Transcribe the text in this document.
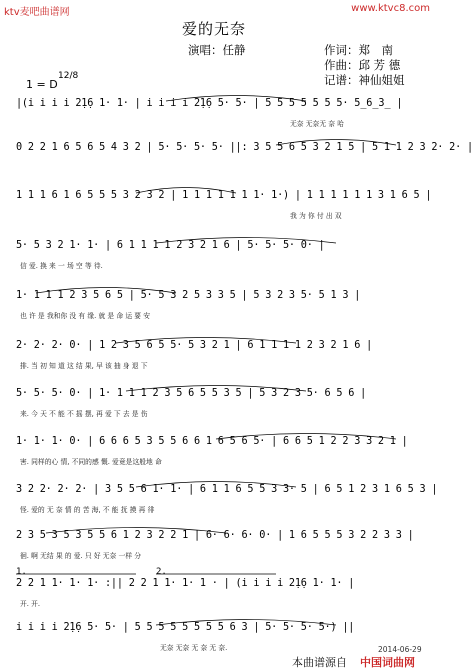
ktv麦吧曲谱网	www.ktvc8.com
爱的无奈
演唱：任静	作词：郑　南
作曲：邱 芳 德
记谱：神仙姐姐
1 = D
12/8
|(i i i i 2̣1̣6 1· 1· | i i i i 2̣1̣6 5· 5· | 5 5 5 5 5 5 5· 5̲6̲3̲ |
无奈 无奈无 奈 哈
0 2 2 1 6 5 6 5 4 3 2 | 5· 5· 5· 5· ||: 3 5 5 6 5 3 2 1 5 | 5 1 1 2 3 2· 2· |
1 1 1 6 1 6 5 5 5 3 2 3 2 | 1 1 1 1 1 1 1· 1·) | 1 1 1 1 1 1 3 1 6 5 |
我 为 你 付 出 双
5· 5 3 2 1· 1· | 6 1 1 1 1 2 3 2 1 6 | 5· 5· 5· 0· |
信 爱. 换 来 一 场 空 等 待.
1· 1 1 1 2 3 5 6 5 | 5· 5 3 2 5 3 3 5 | 5 3 2 3 5· 5 1 3 |
也 许 是 我和你 没 有 缘. 就 是 命 运 要 安
2· 2· 2· 0· | 1 2 3 5 6 5 5· 5 3 2 1 | 6 1 1 1 1 2 3 2 1 6 |
排. 当 初 知 道 这 结 果, 早 该 抽 身 退 下
5· 5· 5· 0· | 1· 1 1 1 2 3 5 6 5 5 3 5 | 5 3 2 3 5· 6 5 6 |
来. 今 天 不 能 不 摇 摆, 再 爱 下 去 是 伤
1· 1· 1· 0· | 6 6 6 5 3 5 5 6 6 1 6 5 6 5· | 6 6 5 1 2 2 3 3 2 1 |
害. 同样的心 情, 不同的感 慨. 爱竟是这般地 命
3 2 2· 2· 2· | 3 5 5 6 1· 1· | 6 1 1 6 5 5 3 3· 5 | 6 5 1 2 3 1 6 5 3 |
怪. 爱的 无 奈 情 的 苦 海, 不 能 抚 摸 再 徘
2 3 5 3 5 3 5 5 6 1 2 3 2 2 1 | 6· 6· 6· 0· | 1 6 5 5 5 3 2 2 3 3 |
徊. 啊 无结 果 的 爱. 只 好 无奈 一样 分
1.	2.
2 2 1 1· 1· 1· :|| 2 2 1 1· 1· 1 · | (i i i i 2̣1̣6 1· 1· |
开. 开.
i i i i 2̣1̣6 5· 5· | 5 5 5 5 5 5 5 5 6 3 | 5· 5· 5· 5·) ||
无奈 无奈 无 奈 无 奈.	2014-06-29
本曲谱源自 中国词曲网
